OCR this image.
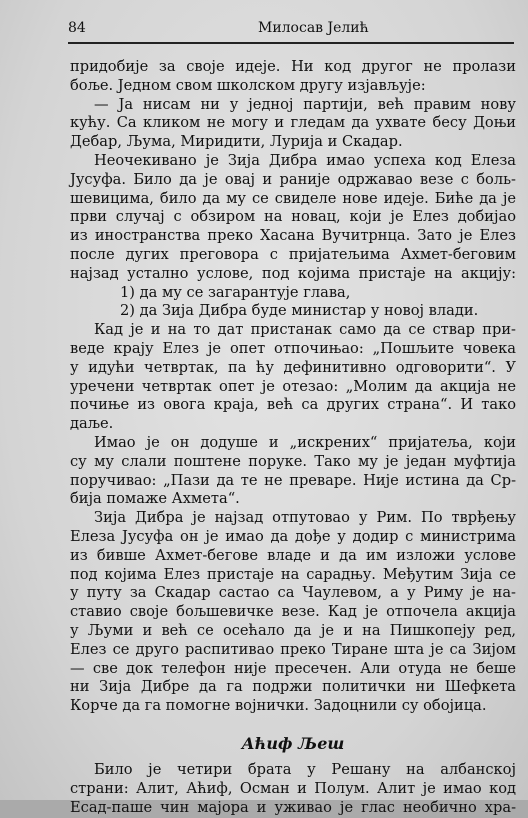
84	Милосав Јелић
придобије за своје идеје. Ни код другог не пролази
боље. Једном свом школском другу изјављује:
— Ја нисам ни у једној партији, већ правим нову
кућу. Са кликом не могу и гледам да ухвате бесу Доњи
Дебар, Љума, Миридити, Лурија и Скадар.
Неочекивано је Зија Дибра имао успеха код Елеза
Јусуфа. Било да је овај и раније одржавао везе с боль-
шевицима, било да му се свиделе нове идеје. Биће да је
први случај с обзиром на новац, који је Елез добијао
из иностранства преко Хасана Вучитрнца. Зато је Елез
после дугих преговора с пријатељима Ахмет-беговим
најзад устално услове, под којима пристаје на акцију:
1) да му се загарантује глава,
2) да Зија Дибра буде министар у новој влади.
Кад је и на то дат пристанак само да се ствар при-
веде крају Елез је опет отпочињао: „Пошљите човека
у идући четвртак, па ћу дефинитивно одговорити“. У
уречени четвртак опет је отезао: „Молим да акција не
почиње из овога краја, већ са других страна“. И тако
даље.
Имао је он додуше и „искрених“ пријатеља, који
су му слали поштене поруке. Тако му је један муфтија
поручивао: „Пази да те не преваре. Није истина да Ср-
бија помаже Ахмета“.
Зија Дибра је најзад отпутовао у Рим. По тврђењу
Елеза Јусуфа он је имао да дође у додир с министрима
из бивше Ахмет-бегове владе и да им изложи услове
под којима Елез пристаје на сарадњу. Међутим Зија се
у путу за Скадар састао са Чаулевом, а у Риму је на-
ставио своје бољшевичке везе. Кад је отпочела акција
у Љуми и већ се осећало да је и на Пишкопеју ред,
Елез се друго распитивао преко Тиране шта је са Зијом
— све док телефон није пресечен. Али отуда не беше
ни Зија Дибре да га подржи политички ни Шефкета
Корче да га помогне војнички. Задоцнили су обојица.
Аћиф Љеш
Било је четири брата у Решану на албанској
страни: Алит, Аћиф, Осман и Полум. Алит је имао код
Есад-паше чин мајора и уживао је глас необично хра-
